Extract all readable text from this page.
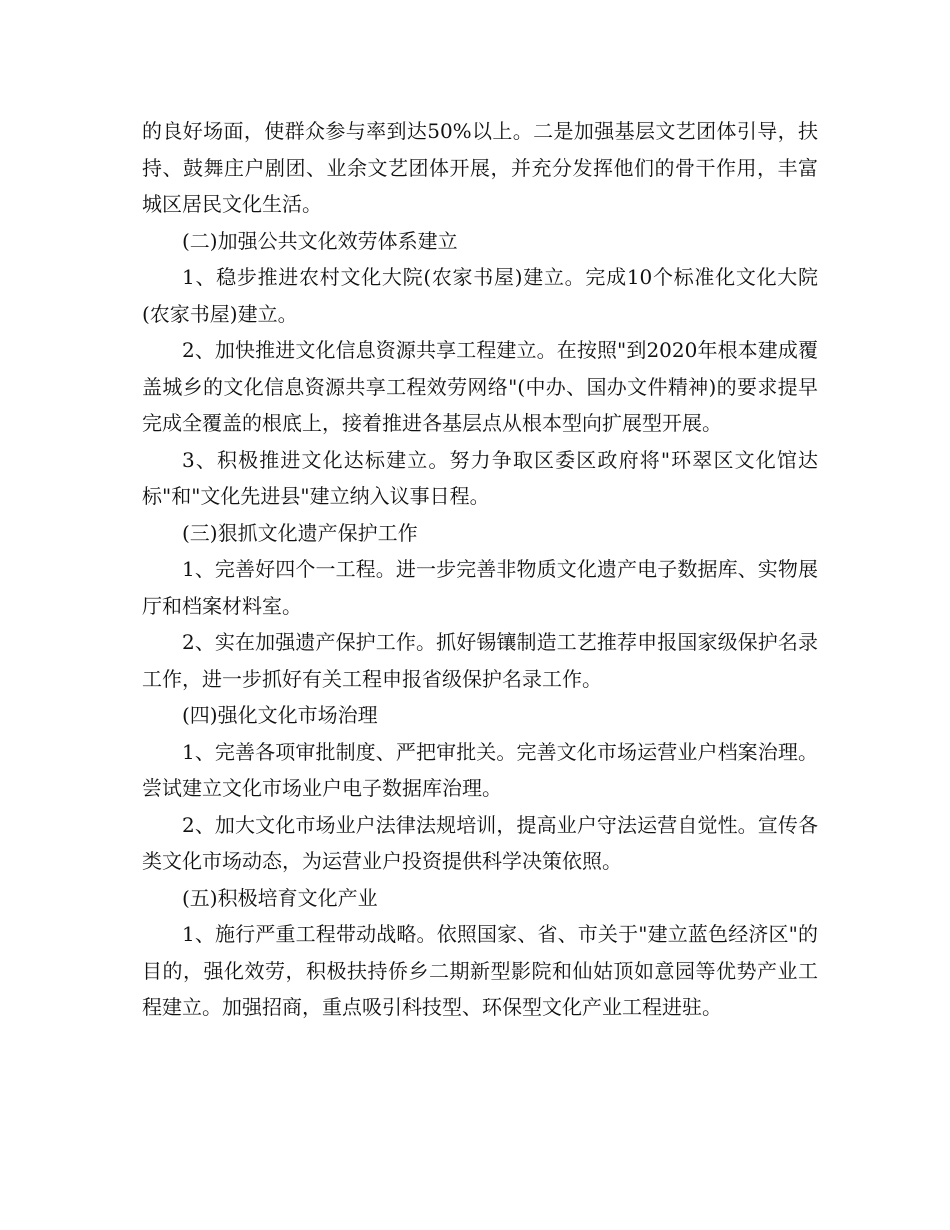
的良好场面，使群众参与率到达50%以上。二是加强基层文艺团体引导，扶持、鼓舞庄户剧团、业余文艺团体开展，并充分发挥他们的骨干作用，丰富城区居民文化生活。

(二)加强公共文化效劳体系建立

1、稳步推进农村文化大院(农家书屋)建立。完成10个标准化文化大院(农家书屋)建立。

2、加快推进文化信息资源共享工程建立。在按照"到2020年根本建成覆盖城乡的文化信息资源共享工程效劳网络"(中办、国办文件精神)的要求提早完成全覆盖的根底上，接着推进各基层点从根本型向扩展型开展。

3、积极推进文化达标建立。努力争取区委区政府将"环翠区文化馆达标"和"文化先进县"建立纳入议事日程。

(三)狠抓文化遗产保护工作

1、完善好四个一工程。进一步完善非物质文化遗产电子数据库、实物展厅和档案材料室。

2、实在加强遗产保护工作。抓好锡镶制造工艺推荐申报国家级保护名录工作，进一步抓好有关工程申报省级保护名录工作。

(四)强化文化市场治理

1、完善各项审批制度、严把审批关。完善文化市场运营业户档案治理。尝试建立文化市场业户电子数据库治理。

2、加大文化市场业户法律法规培训，提高业户守法运营自觉性。宣传各类文化市场动态，为运营业户投资提供科学决策依照。

(五)积极培育文化产业

1、施行严重工程带动战略。依照国家、省、市关于"建立蓝色经济区"的目的，强化效劳，积极扶持侨乡二期新型影院和仙姑顶如意园等优势产业工程建立。加强招商，重点吸引科技型、环保型文化产业工程进驻。
